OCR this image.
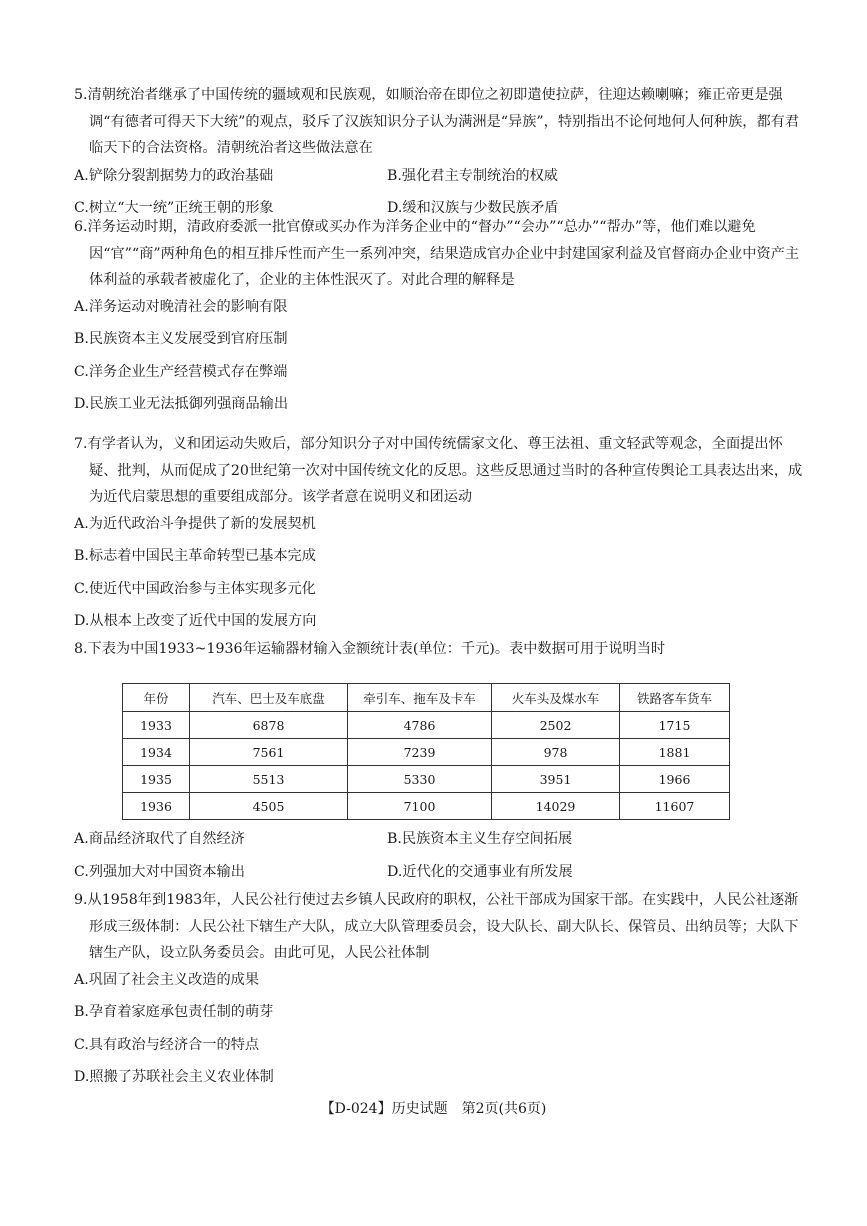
5.清朝统治者继承了中国传统的疆域观和民族观，如顺治帝在即位之初即遣使拉萨，往迎达赖喇嘛；雍正帝更是强调“有德者可得天下大统”的观点，驳斥了汉族知识分子认为满洲是“异族”，特别指出不论何地何人何种族，都有君临天下的合法资格。清朝统治者这些做法意在
A.铲除分裂割据势力的政治基础	B.强化君主专制统治的权威
C.树立“大一统”正统王朝的形象	D.缓和汉族与少数民族矛盾
6.洋务运动时期，清政府委派一批官僚或买办作为洋务企业中的“督办”“会办”“总办”“帮办”等，他们难以避免因“官”“商”两种角色的相互排斥性而产生一系列冲突，结果造成官办企业中封建国家利益及官督商办企业中资产主体利益的承载者被虚化了，企业的主体性泯灭了。对此合理的解释是
A.洋务运动对晚清社会的影响有限
B.民族资本主义发展受到官府压制
C.洋务企业生产经营模式存在弊端
D.民族工业无法抵御列强商品输出
7.有学者认为，义和团运动失败后，部分知识分子对中国传统儒家文化、尊王法祖、重文轻武等观念，全面提出怀疑、批判，从而促成了20世纪第一次对中国传统文化的反思。这些反思通过当时的各种宣传舆论工具表达出来，成为近代启蒙思想的重要组成部分。该学者意在说明义和团运动
A.为近代政治斗争提供了新的发展契机
B.标志着中国民主革命转型已基本完成
C.使近代中国政治参与主体实现多元化
D.从根本上改变了近代中国的发展方向
8.下表为中国1933~1936年运输器材输入金额统计表(单位：千元)。表中数据可用于说明当时
年份	汽车、巴士及车底盘	牵引车、拖车及卡车	火车头及煤水车	铁路客车货车
1933	6878	4786	2502	1715
1934	7561	7239	978	1881
1935	5513	5330	3951	1966
1936	4505	7100	14029	11607
A.商品经济取代了自然经济	B.民族资本主义生存空间拓展
C.列强加大对中国资本输出	D.近代化的交通事业有所发展
9.从1958年到1983年，人民公社行使过去乡镇人民政府的职权，公社干部成为国家干部。在实践中，人民公社逐渐形成三级体制：人民公社下辖生产大队，成立大队管理委员会，设大队长、副大队长、保管员、出纳员等；大队下辖生产队，设立队务委员会。由此可见，人民公社体制
A.巩固了社会主义改造的成果
B.孕育着家庭承包责任制的萌芽
C.具有政治与经济合一的特点
D.照搬了苏联社会主义农业体制
【D-024】历史试题　第2页(共6页)
